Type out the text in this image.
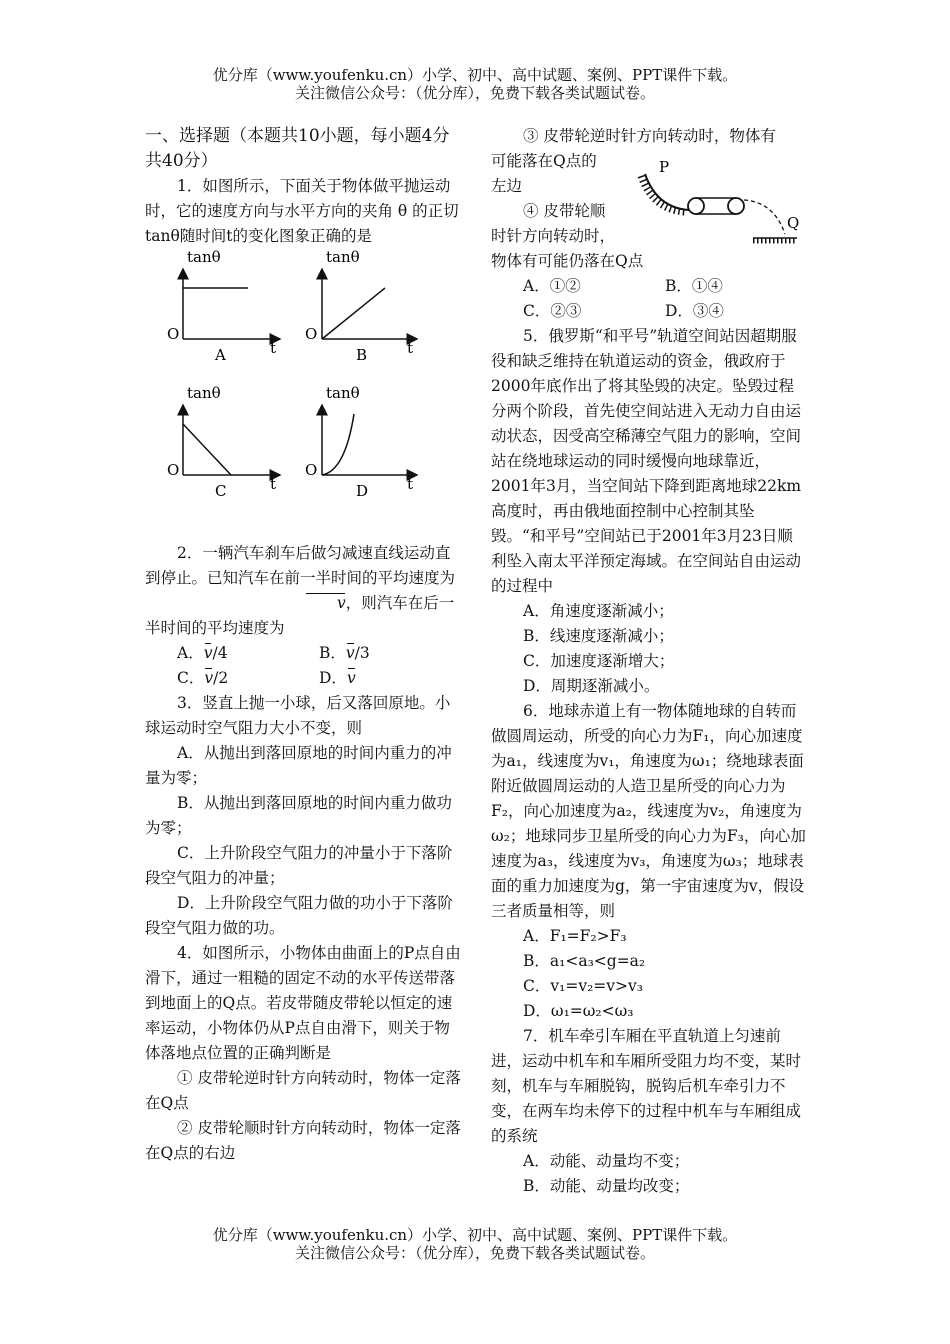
优分库（www.youfenku.cn）小学、初中、高中试题、案例、PPT课件下载。
关注微信公众号：（优分库），免费下载各类试题试卷。

一、选择题（本题共10小题，每小题4分共40分）

1．如图所示，下面关于物体做平抛运动时，它的速度方向与水平方向的夹角 θ 的正切tanθ随时间t的变化图象正确的是

tanθ
O
t
A
tanθ
O
t
B
tanθ
O
t
C
tanθ
O
t
D

2．一辆汽车刹车后做匀减速直线运动直到停止。已知汽车在前一半时间的平均速度为v，则汽车在后一半时间的平均速度为

A．v/4	B．v/3
C．v/2	D．v

3．竖直上抛一小球，后又落回原地。小球运动时空气阻力大小不变，则

A．从抛出到落回原地的时间内重力的冲量为零；

B．从抛出到落回原地的时间内重力做功为零；

C．上升阶段空气阻力的冲量小于下落阶段空气阻力的冲量；

D．上升阶段空气阻力做的功小于下落阶段空气阻力做的功。

4．如图所示，小物体由曲面上的P点自由滑下，通过一粗糙的固定不动的水平传送带落到地面上的Q点。若皮带随皮带轮以恒定的速率运动，小物体仍从P点自由滑下，则关于物体落地点位置的正确判断是

① 皮带轮逆时针方向转动时，物体一定落在Q点

② 皮带轮顺时针方向转动时，物体一定落在Q点的右边

③ 皮带轮逆时针方向转动时，物体有

可能落在Q点的

左边

④ 皮带轮顺

时针方向转动时，

物体有可能仍落在Q点

P
Q
A．①②	B．①④
C．②③	D．③④

5．俄罗斯“和平号”轨道空间站因超期服役和缺乏维持在轨道运动的资金，俄政府于2000年底作出了将其坠毁的决定。坠毁过程分两个阶段，首先使空间站进入无动力自由运动状态，因受高空稀薄空气阻力的影响，空间站在绕地球运动的同时缓慢向地球靠近，2001年3月，当空间站下降到距离地球22km高度时，再由俄地面控制中心控制其坠毁。“和平号”空间站已于2001年3月23日顺利坠入南太平洋预定海域。在空间站自由运动的过程中

A．角速度逐渐减小；

B．线速度逐渐减小；

C．加速度逐渐增大；

D．周期逐渐减小。

6．地球赤道上有一物体随地球的自转而做圆周运动，所受的向心力为F₁，向心加速度为a₁，线速度为v₁，角速度为ω₁；绕地球表面附近做圆周运动的人造卫星所受的向心力为F₂，向心加速度为a₂，线速度为v₂，角速度为ω₂；地球同步卫星所受的向心力为F₃，向心加速度为a₃，线速度为v₃，角速度为ω₃；地球表面的重力加速度为g，第一宇宙速度为v，假设三者质量相等，则

A．F₁=F₂>F₃

B．a₁<a₃<g=a₂

C．v₁=v₂=v>v₃

D．ω₁=ω₂<ω₃

7．机车牵引车厢在平直轨道上匀速前进，运动中机车和车厢所受阻力均不变，某时刻，机车与车厢脱钩，脱钩后机车牵引力不变，在两车均未停下的过程中机车与车厢组成的系统

A．动能、动量均不变；

B．动能、动量均改变；

优分库（www.youfenku.cn）小学、初中、高中试题、案例、PPT课件下载。
关注微信公众号：（优分库），免费下载各类试题试卷。
